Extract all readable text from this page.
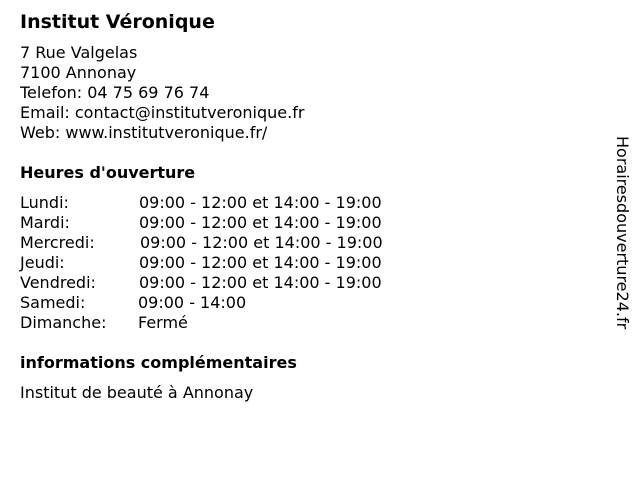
Institut Véronique
7 Rue Valgelas
7100 Annonay
Telefon: 04 75 69 76 74
Email: contact@institutveronique.fr
Web: www.institutveronique.fr/
Heures d'ouverture
Lundi:	09:00 - 12:00 et 14:00 - 19:00
Mardi:	09:00 - 12:00 et 14:00 - 19:00
Mercredi:	09:00 - 12:00 et 14:00 - 19:00
Jeudi:	09:00 - 12:00 et 14:00 - 19:00
Vendredi:	09:00 - 12:00 et 14:00 - 19:00
Samedi:	09:00 - 14:00
Dimanche:	Fermé
informations complémentaires
Institut de beauté à Annonay
Horairesdouverture24.fr
